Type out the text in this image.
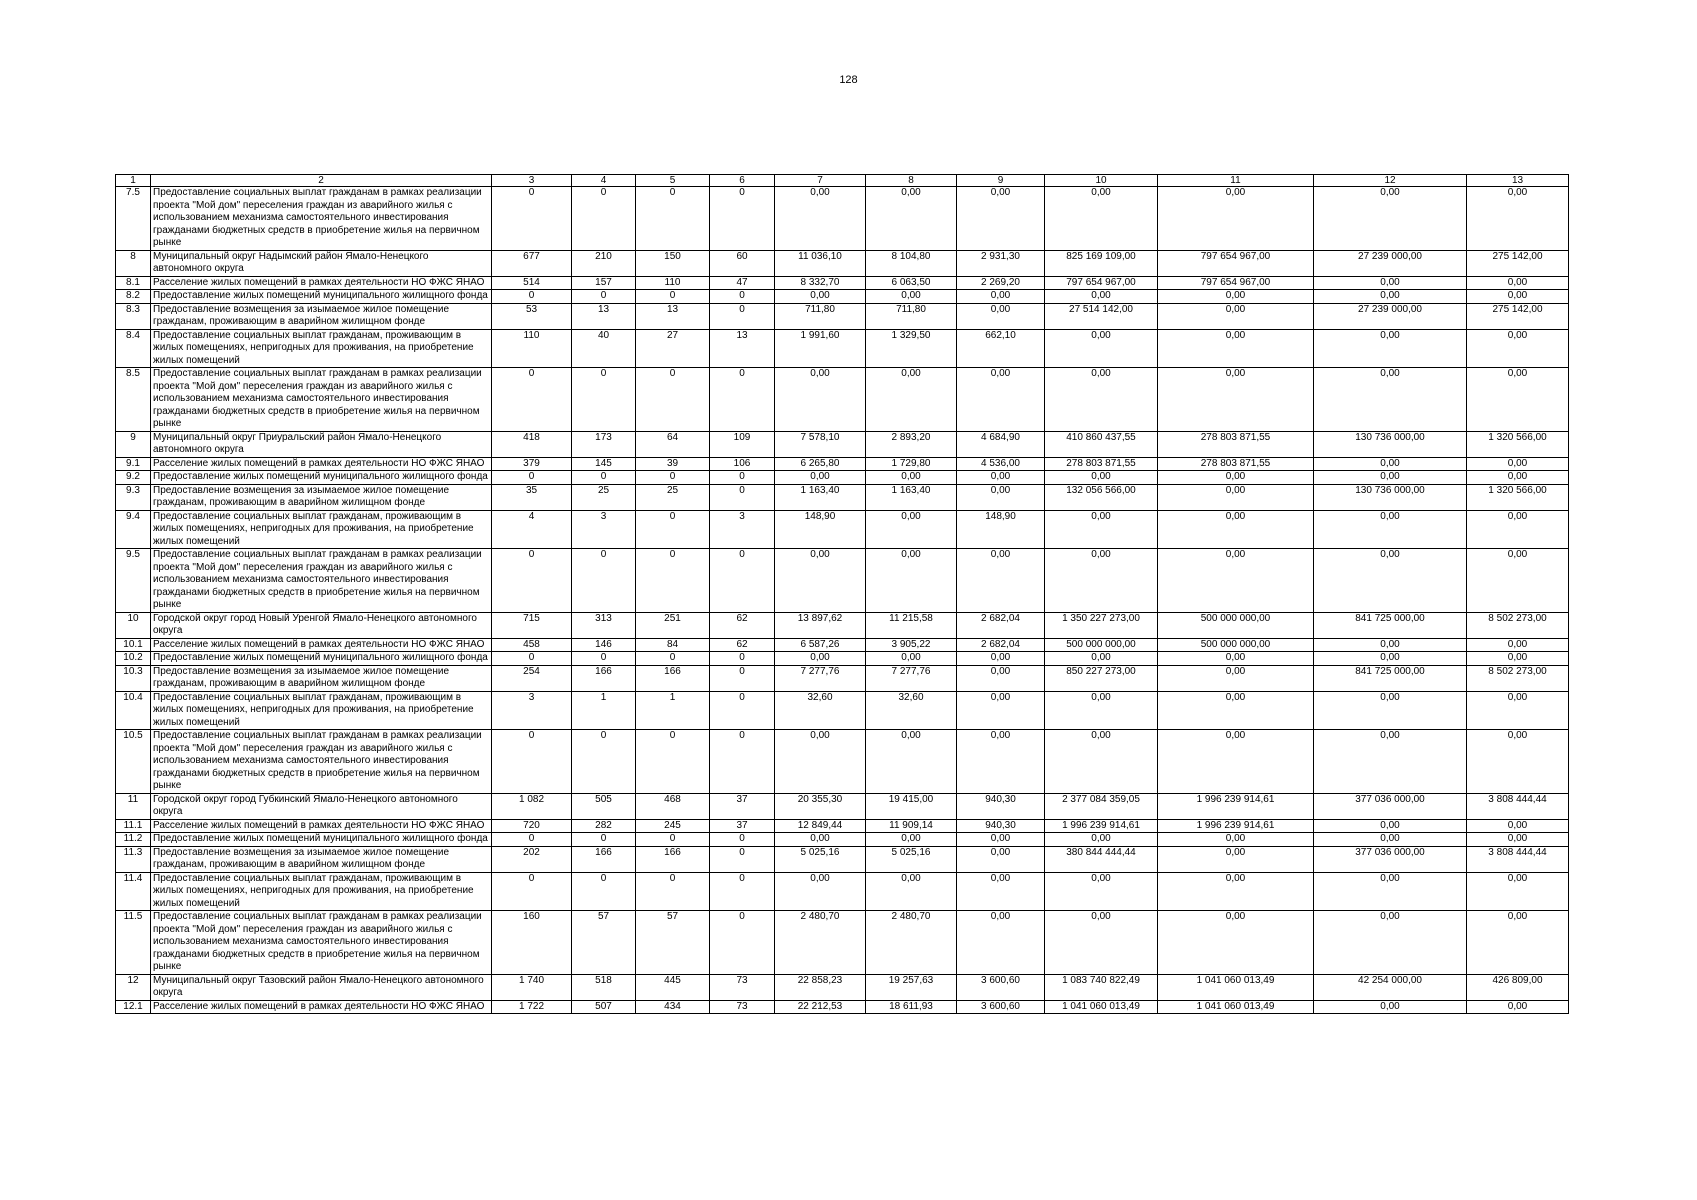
128
1	2	3	4	5	6	7	8	9	10	11	12	13
7.5	Предоставление социальных выплат гражданам в рамках реализации проекта "Мой дом" переселения граждан из аварийного жилья с использованием механизма самостоятельного инвестирования гражданами бюджетных средств в приобретение жилья на первичном рынке	0	0	0	0	0,00	0,00	0,00	0,00	0,00	0,00	0,00
8	Муниципальный округ Надымский район Ямало-Ненецкого автономного округа	677	210	150	60	11 036,10	8 104,80	2 931,30	825 169 109,00	797 654 967,00	27 239 000,00	275 142,00
8.1	Расселение жилых помещений в рамках деятельности НО ФЖС ЯНАО	514	157	110	47	8 332,70	6 063,50	2 269,20	797 654 967,00	797 654 967,00	0,00	0,00
8.2	Предоставление жилых помещений муниципального жилищного фонда	0	0	0	0	0,00	0,00	0,00	0,00	0,00	0,00	0,00
8.3	Предоставление возмещения за изымаемое жилое помещение гражданам, проживающим в аварийном жилищном фонде	53	13	13	0	711,80	711,80	0,00	27 514 142,00	0,00	27 239 000,00	275 142,00
8.4	Предоставление социальных выплат гражданам, проживающим в жилых помещениях, непригодных для проживания, на приобретение жилых помещений	110	40	27	13	1 991,60	1 329,50	662,10	0,00	0,00	0,00	0,00
8.5	Предоставление социальных выплат гражданам в рамках реализации проекта "Мой дом" переселения граждан из аварийного жилья с использованием механизма самостоятельного инвестирования гражданами бюджетных средств в приобретение жилья на первичном рынке	0	0	0	0	0,00	0,00	0,00	0,00	0,00	0,00	0,00
9	Муниципальный округ Приуральский район Ямало-Ненецкого автономного округа	418	173	64	109	7 578,10	2 893,20	4 684,90	410 860 437,55	278 803 871,55	130 736 000,00	1 320 566,00
9.1	Расселение жилых помещений в рамках деятельности НО ФЖС ЯНАО	379	145	39	106	6 265,80	1 729,80	4 536,00	278 803 871,55	278 803 871,55	0,00	0,00
9.2	Предоставление жилых помещений муниципального жилищного фонда	0	0	0	0	0,00	0,00	0,00	0,00	0,00	0,00	0,00
9.3	Предоставление возмещения за изымаемое жилое помещение гражданам, проживающим в аварийном жилищном фонде	35	25	25	0	1 163,40	1 163,40	0,00	132 056 566,00	0,00	130 736 000,00	1 320 566,00
9.4	Предоставление социальных выплат гражданам, проживающим в жилых помещениях, непригодных для проживания, на приобретение жилых помещений	4	3	0	3	148,90	0,00	148,90	0,00	0,00	0,00	0,00
9.5	Предоставление социальных выплат гражданам в рамках реализации проекта "Мой дом" переселения граждан из аварийного жилья с использованием механизма самостоятельного инвестирования гражданами бюджетных средств в приобретение жилья на первичном рынке	0	0	0	0	0,00	0,00	0,00	0,00	0,00	0,00	0,00
10	Городской округ город Новый Уренгой Ямало-Ненецкого автономного округа	715	313	251	62	13 897,62	11 215,58	2 682,04	1 350 227 273,00	500 000 000,00	841 725 000,00	8 502 273,00
10.1	Расселение жилых помещений в рамках деятельности НО ФЖС ЯНАО	458	146	84	62	6 587,26	3 905,22	2 682,04	500 000 000,00	500 000 000,00	0,00	0,00
10.2	Предоставление жилых помещений муниципального жилищного фонда	0	0	0	0	0,00	0,00	0,00	0,00	0,00	0,00	0,00
10.3	Предоставление возмещения за изымаемое жилое помещение гражданам, проживающим в аварийном жилищном фонде	254	166	166	0	7 277,76	7 277,76	0,00	850 227 273,00	0,00	841 725 000,00	8 502 273,00
10.4	Предоставление социальных выплат гражданам, проживающим в жилых помещениях, непригодных для проживания, на приобретение жилых помещений	3	1	1	0	32,60	32,60	0,00	0,00	0,00	0,00	0,00
10.5	Предоставление социальных выплат гражданам в рамках реализации проекта "Мой дом" переселения граждан из аварийного жилья с использованием механизма самостоятельного инвестирования гражданами бюджетных средств в приобретение жилья на первичном рынке	0	0	0	0	0,00	0,00	0,00	0,00	0,00	0,00	0,00
11	Городской округ город Губкинский Ямало-Ненецкого автономного округа	1 082	505	468	37	20 355,30	19 415,00	940,30	2 377 084 359,05	1 996 239 914,61	377 036 000,00	3 808 444,44
11.1	Расселение жилых помещений в рамках деятельности НО ФЖС ЯНАО	720	282	245	37	12 849,44	11 909,14	940,30	1 996 239 914,61	1 996 239 914,61	0,00	0,00
11.2	Предоставление жилых помещений муниципального жилищного фонда	0	0	0	0	0,00	0,00	0,00	0,00	0,00	0,00	0,00
11.3	Предоставление возмещения за изымаемое жилое помещение гражданам, проживающим в аварийном жилищном фонде	202	166	166	0	5 025,16	5 025,16	0,00	380 844 444,44	0,00	377 036 000,00	3 808 444,44
11.4	Предоставление социальных выплат гражданам, проживающим в жилых помещениях, непригодных для проживания, на приобретение жилых помещений	0	0	0	0	0,00	0,00	0,00	0,00	0,00	0,00	0,00
11.5	Предоставление социальных выплат гражданам в рамках реализации проекта "Мой дом" переселения граждан из аварийного жилья с использованием механизма самостоятельного инвестирования гражданами бюджетных средств в приобретение жилья на первичном рынке	160	57	57	0	2 480,70	2 480,70	0,00	0,00	0,00	0,00	0,00
12	Муниципальный округ Тазовский район Ямало-Ненецкого автономного округа	1 740	518	445	73	22 858,23	19 257,63	3 600,60	1 083 740 822,49	1 041 060 013,49	42 254 000,00	426 809,00
12.1	Расселение жилых помещений в рамках деятельности НО ФЖС ЯНАО	1 722	507	434	73	22 212,53	18 611,93	3 600,60	1 041 060 013,49	1 041 060 013,49	0,00	0,00
